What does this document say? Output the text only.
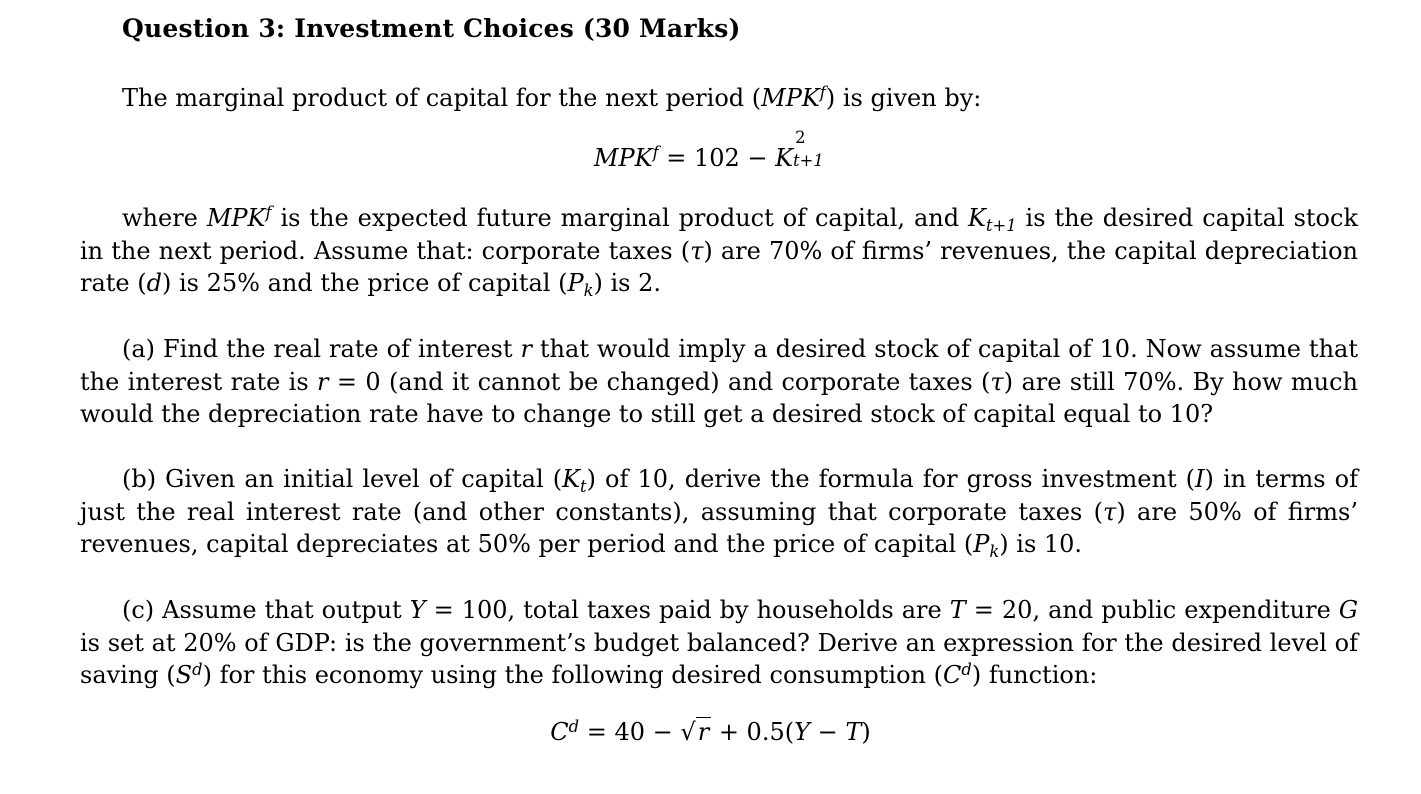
Question 3: Investment Choices (30 Marks)
The marginal product of capital for the next period (MPK$^f$) is given by:
$MPK^f = 102 - K$
2
t+1
where MPK$^f$ is the expected future marginal product of capital, and $K_{t+1}$ is the desired capital stock in the next period. Assume that: corporate taxes (τ) are 70% of firms’ revenues, the capital depreciation rate (d) is 25% and the price of capital $(P_k)$ is 2.
(a) Find the real rate of interest r that would imply a desired stock of capital of 10. Now assume that the interest rate is r = 0 (and it cannot be changed) and corporate taxes (τ) are still 70%. By how much would the depreciation rate have to change to still get a desired stock of capital equal to 10?
(b) Given an initial level of capital $(K_t)$ of 10, derive the formula for gross investment (I) in terms of just the real interest rate (and other constants), assuming that corporate taxes (τ) are 50% of firms’ revenues, capital depreciates at 50% per period and the price of capital $(P_k)$ is 10.
(c) Assume that output Y = 100, total taxes paid by households are T = 20, and public expenditure G is set at 20% of GDP: is the government’s budget balanced? Derive an expression for the desired level of saving $(S^d)$ for this economy using the following desired consumption $(C^d)$ function:
$C^d = 40 - √r + 0.5(Y - T)$
